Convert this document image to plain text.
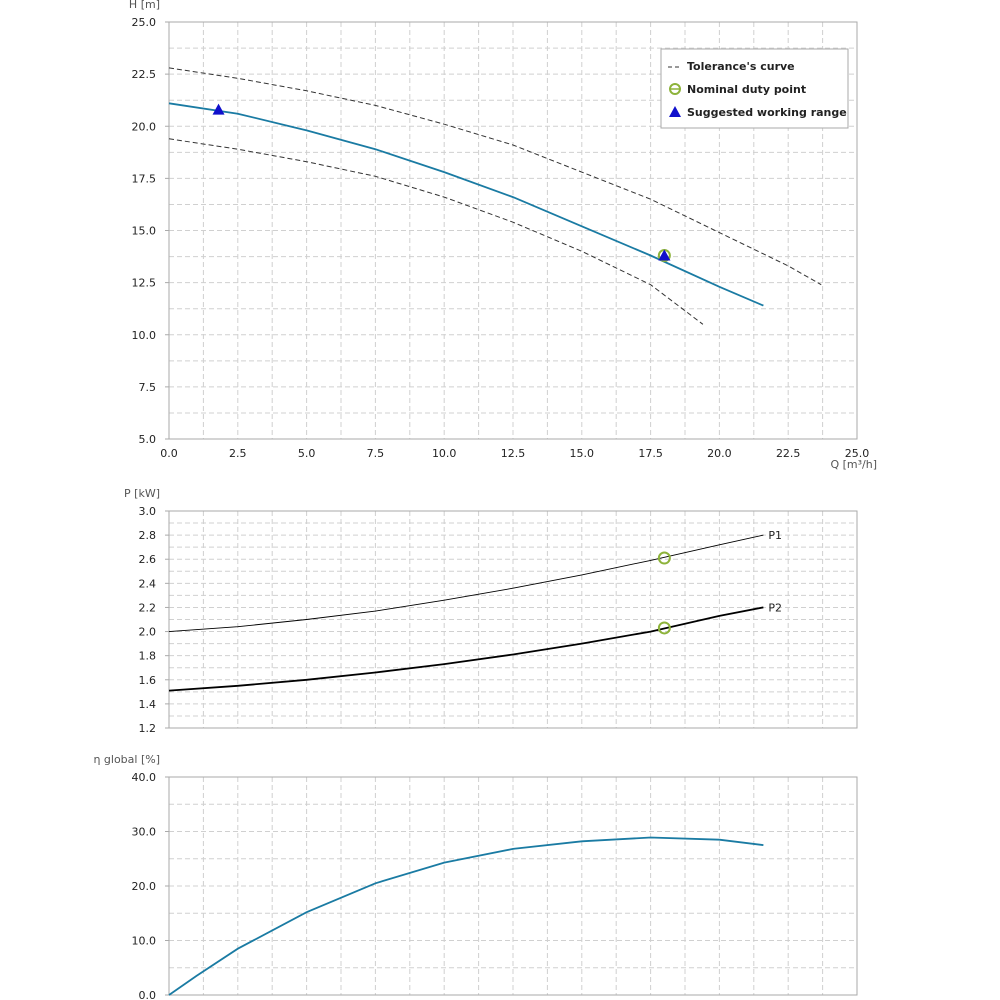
5.0
7.5
10.0
12.5
15.0
17.5
20.0
22.5
25.0
0.0	2.5	5.0	7.5	10.0	12.5	15.0	17.5	20.0	22.5	25.0
H [m]
Q [m³/h]
Tolerance's curve
Nominal duty point
Suggested working range
1.2
1.4
1.6
1.8
2.0
2.2
2.4
2.6
2.8
3.0
P [kW]
P1
P2
0.0
10.0
20.0
30.0
40.0
η global [%]
